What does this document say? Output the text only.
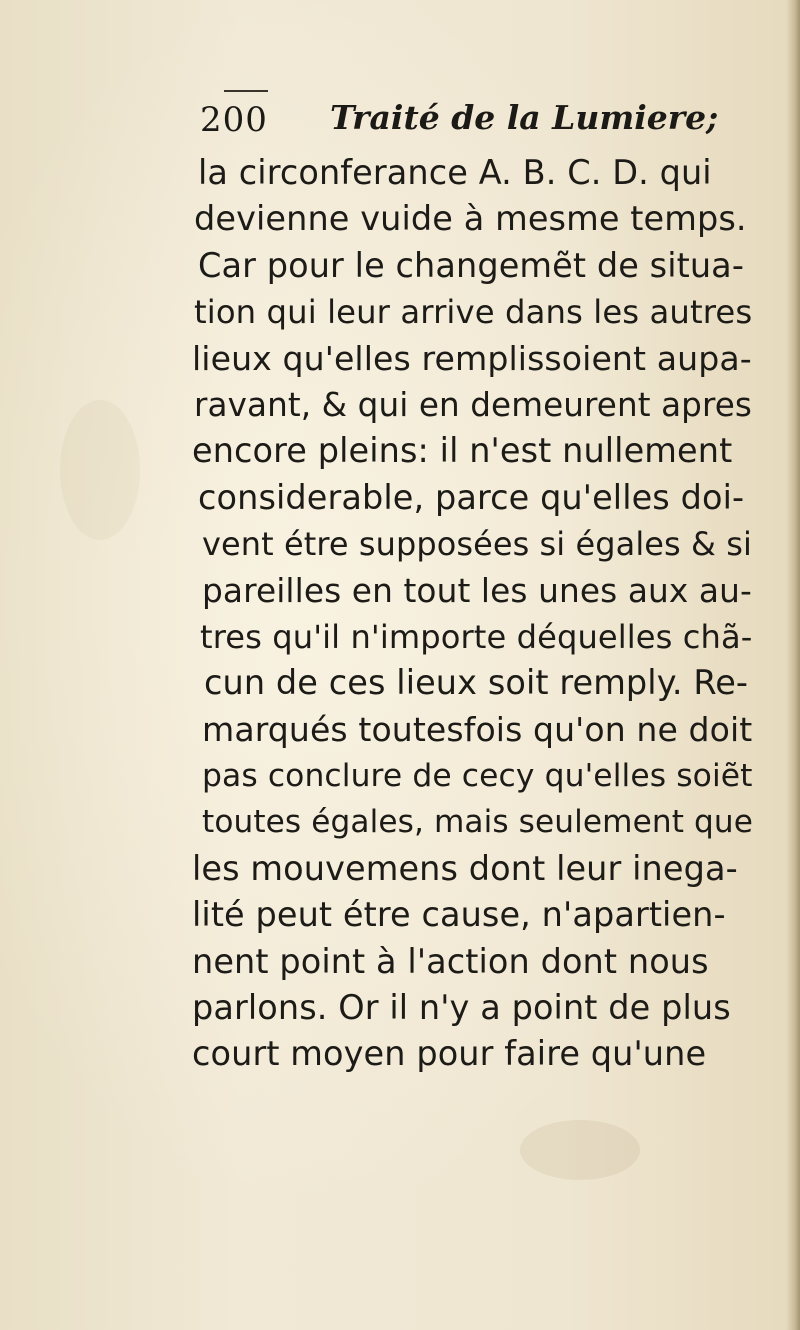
200 Traité de la Lumiere;
la circonferance A. B. C. D. qui
devienne vuide à mesme temps.
Car pour le changemẽt de situa-
tion qui leur arrive dans les autres
lieux qu'elles remplissoient aupa-
ravant, & qui en demeurent apres
encore pleins: il n'est nullement
considerable, parce qu'elles doi-
vent étre supposées si égales & si
pareilles en tout les unes aux au-
tres qu'il n'importe déquelles chã-
cun de ces lieux soit remply. Re-
marqués toutesfois qu'on ne doit
pas conclure de cecy qu'elles soiẽt
toutes égales, mais seulement que
les mouvemens dont leur inega-
lité peut étre cause, n'apartien-
nent point à l'action dont nous
parlons. Or il n'y a point de plus
court moyen pour faire qu'une
